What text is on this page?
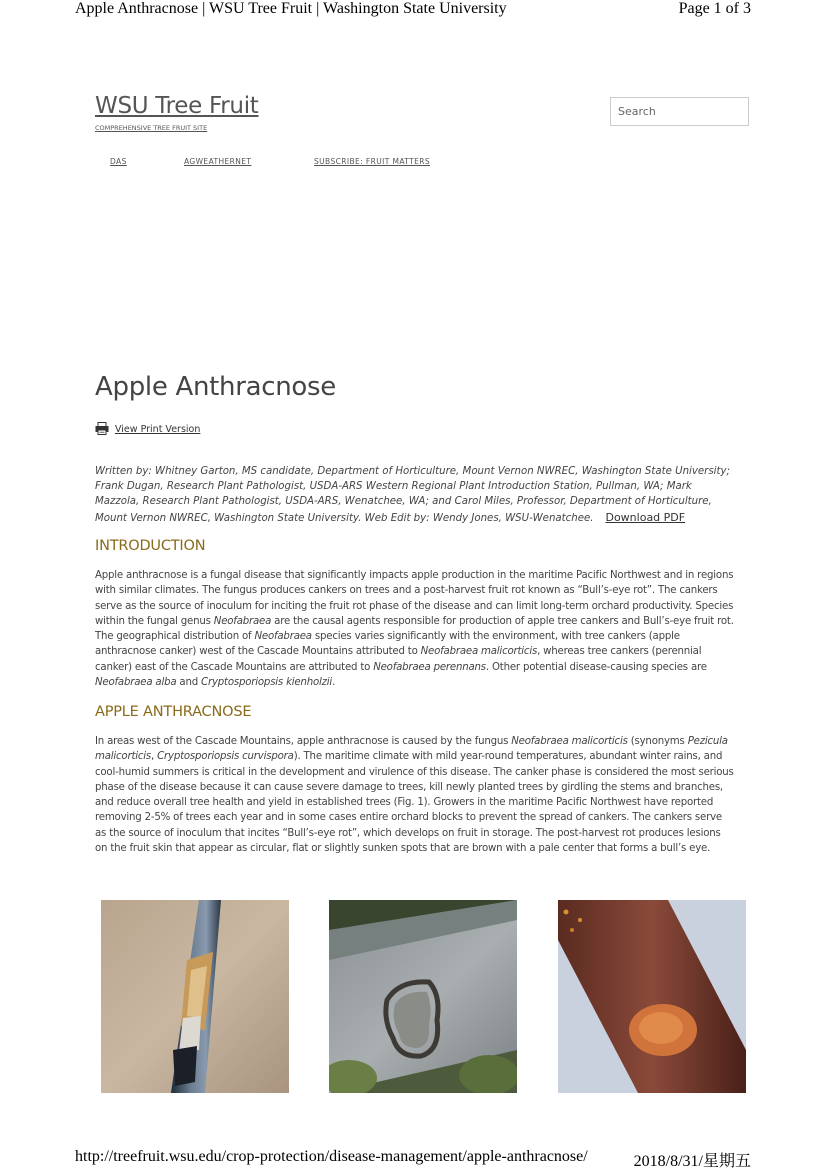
Apple Anthracnose | WSU Tree Fruit | Washington State University	Page 1 of 3
WSU Tree Fruit
COMPREHENSIVE TREE FRUIT SITE
Search
DAS	AGWEATHERNET	SUBSCRIBE: FRUIT MATTERS
Apple Anthracnose
View Print Version
Written by: Whitney Garton, MS candidate, Department of Horticulture, Mount Vernon NWREC, Washington State University; Frank Dugan, Research Plant Pathologist, USDA-ARS Western Regional Plant Introduction Station, Pullman, WA; Mark Mazzola, Research Plant Pathologist, USDA-ARS, Wenatchee, WA; and Carol Miles, Professor, Department of Horticulture, Mount Vernon NWREC, Washington State University. Web Edit by: Wendy Jones, WSU-Wenatchee. Download PDF
INTRODUCTION
Apple anthracnose is a fungal disease that significantly impacts apple production in the maritime Pacific Northwest and in regions with similar climates. The fungus produces cankers on trees and a post-harvest fruit rot known as “Bull’s-eye rot”. The cankers serve as the source of inoculum for inciting the fruit rot phase of the disease and can limit long-term orchard productivity. Species within the fungal genus Neofabraea are the causal agents responsible for production of apple tree cankers and Bull’s-eye fruit rot. The geographical distribution of Neofabraea species varies significantly with the environment, with tree cankers (apple anthracnose canker) west of the Cascade Mountains attributed to Neofabraea malicorticis, whereas tree cankers (perennial canker) east of the Cascade Mountains are attributed to Neofabraea perennans. Other potential disease-causing species are Neofabraea alba and Cryptosporiopsis kienholzii.
APPLE ANTHRACNOSE
In areas west of the Cascade Mountains, apple anthracnose is caused by the fungus Neofabraea malicorticis (synonyms Pezicula malicorticis, Cryptosporiopsis curvispora). The maritime climate with mild year-round temperatures, abundant winter rains, and cool-humid summers is critical in the development and virulence of this disease. The canker phase is considered the most serious phase of the disease because it can cause severe damage to trees, kill newly planted trees by girdling the stems and branches, and reduce overall tree health and yield in established trees (Fig. 1). Growers in the maritime Pacific Northwest have reported removing 2-5% of trees each year and in some cases entire orchard blocks to prevent the spread of cankers. The cankers serve as the source of inoculum that incites “Bull’s-eye rot”, which develops on fruit in storage. The post-harvest rot produces lesions on the fruit skin that appear as circular, flat or slightly sunken spots that are brown with a pale center that forms a bull’s eye.
http://treefruit.wsu.edu/crop-protection/disease-management/apple-anthracnose/	2018/8/31/星期五
